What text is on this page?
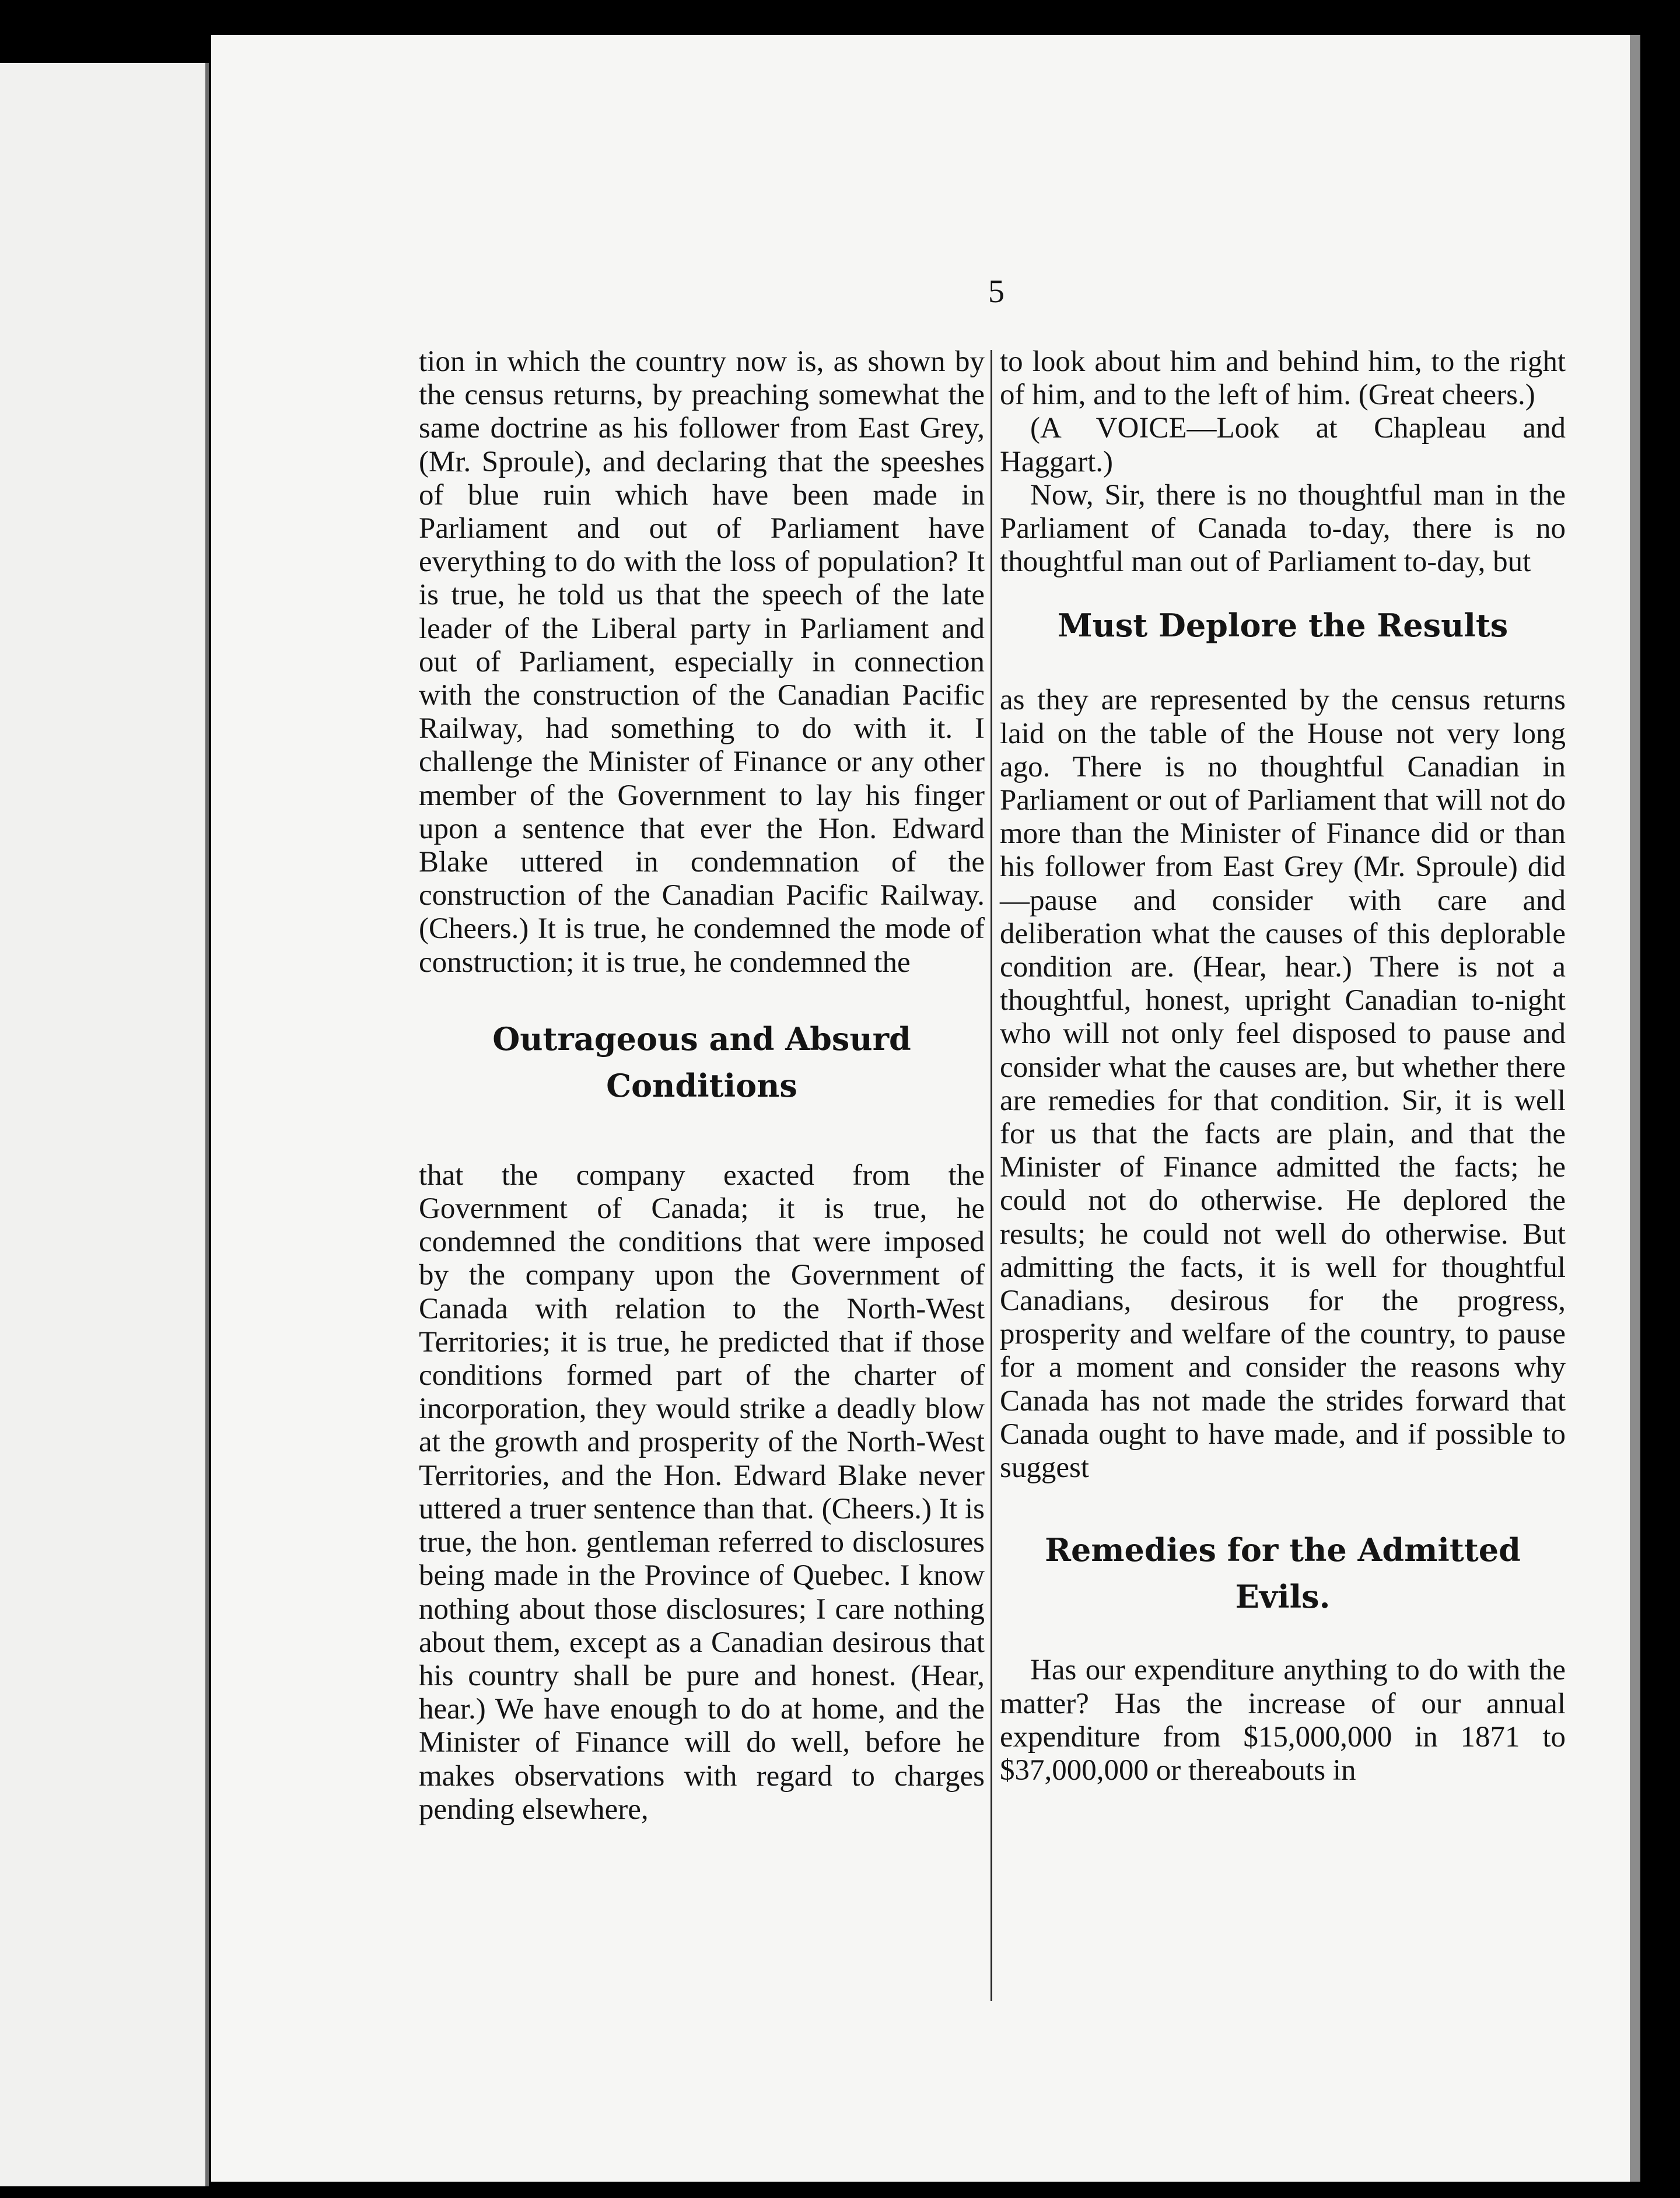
5

tion in which the country now is, as shown by the census returns, by preaching somewhat the same doctrine as his follower from East Grey, (Mr. Sproule), and declaring that the speeshes of blue ruin which have been made in Parliament and out of Parliament have everything to do with the loss of population? It is true, he told us that the speech of the late leader of the Liberal party in Parliament and out of Parliament, especially in connection with the construction of the Canadian Pacific Railway, had something to do with it. I challenge the Minister of Finance or any other member of the Government to lay his finger upon a sentence that ever the Hon. Edward Blake uttered in condemnation of the construction of the Canadian Pacific Railway. (Cheers.) It is true, he condemned the mode of construction; it is true, he condemned the

Outrageous and Absurd Conditions

that the company exacted from the Government of Canada; it is true, he condemned the conditions that were imposed by the company upon the Government of Canada with relation to the North-West Territories; it is true, he predicted that if those conditions formed part of the charter of incorporation, they would strike a deadly blow at the growth and prosperity of the North-West Territories, and the Hon. Edward Blake never uttered a truer sentence than that. (Cheers.) It is true, the hon. gentleman referred to disclosures being made in the Province of Quebec. I know nothing about those disclosures; I care nothing about them, except as a Canadian desirous that his country shall be pure and honest. (Hear, hear.) We have enough to do at home, and the Minister of Finance will do well, before he makes observations with regard to charges pending elsewhere,

to look about him and behind him, to the right of him, and to the left of him. (Great cheers.)

(A VOICE—Look at Chapleau and Haggart.)

Now, Sir, there is no thoughtful man in the Parliament of Canada to-day, there is no thoughtful man out of Parliament to-day, but

Must Deplore the Results

as they are represented by the census returns laid on the table of the House not very long ago. There is no thoughtful Canadian in Parliament or out of Parliament that will not do more than the Minister of Finance did or than his follower from East Grey (Mr. Sproule) did—pause and consider with care and deliberation what the causes of this deplorable condition are. (Hear, hear.) There is not a thoughtful, honest, upright Canadian to-night who will not only feel disposed to pause and consider what the causes are, but whether there are remedies for that condition. Sir, it is well for us that the facts are plain, and that the Minister of Finance admitted the facts; he could not do otherwise. He deplored the results; he could not well do otherwise. But admitting the facts, it is well for thoughtful Canadians, desirous for the progress, prosperity and welfare of the country, to pause for a moment and consider the reasons why Canada has not made the strides forward that Canada ought to have made, and if possible to suggest

Remedies for the Admitted Evils.

Has our expenditure anything to do with the matter? Has the increase of our annual expenditure from $15,000,000 in 1871 to $37,000,000 or thereabouts in
